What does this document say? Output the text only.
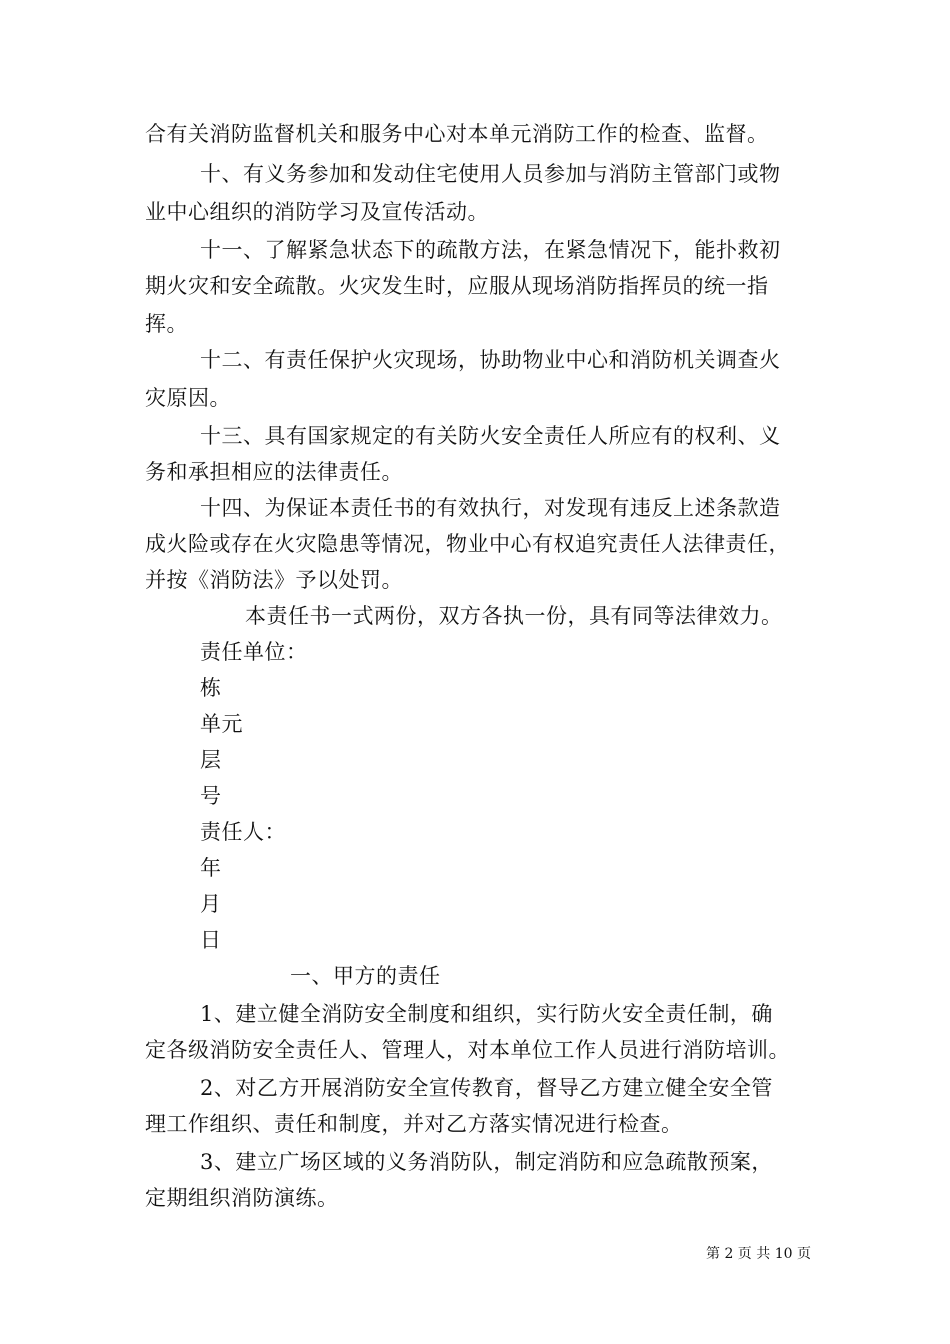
合有关消防监督机关和服务中心对本单元消防工作的检查、监督。
十、有义务参加和发动住宅使用人员参加与消防主管部门或物
业中心组织的消防学习及宣传活动。
十一、了解紧急状态下的疏散方法，在紧急情况下，能扑救初
期火灾和安全疏散。火灾发生时，应服从现场消防指挥员的统一指
挥。
十二、有责任保护火灾现场，协助物业中心和消防机关调查火
灾原因。
十三、具有国家规定的有关防火安全责任人所应有的权利、义
务和承担相应的法律责任。
十四、为保证本责任书的有效执行，对发现有违反上述条款造
成火险或存在火灾隐患等情况，物业中心有权追究责任人法律责任，
并按《消防法》予以处罚。
本责任书一式两份，双方各执一份，具有同等法律效力。
责任单位：
栋
单元
层
号
责任人：
年
月
日
一、甲方的责任
1、建立健全消防安全制度和组织，实行防火安全责任制，确
定各级消防安全责任人、管理人，对本单位工作人员进行消防培训。
2、对乙方开展消防安全宣传教育，督导乙方建立健全安全管
理工作组织、责任和制度，并对乙方落实情况进行检查。
3、建立广场区域的义务消防队，制定消防和应急疏散预案，
定期组织消防演练。
第 2 页 共 10 页
